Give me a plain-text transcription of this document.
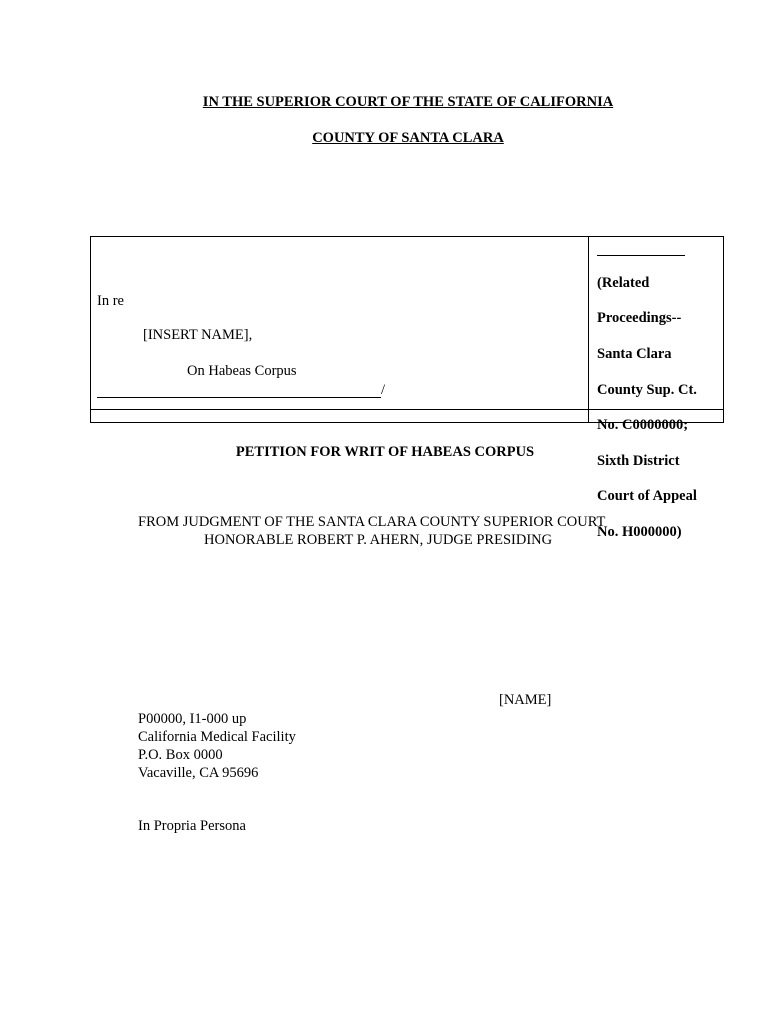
IN THE SUPERIOR COURT OF THE STATE OF CALIFORNIA
COUNTY OF SANTA CLARA
In re
[INSERT NAME],
On Habeas Corpus
/

(Related

Proceedings--

Santa Clara

County Sup. Ct.

No. C0000000;

Sixth District

Court of Appeal

No. H000000)

PETITION FOR WRIT OF HABEAS CORPUS
FROM JUDGMENT OF THE SANTA CLARA COUNTY SUPERIOR COURT
HONORABLE ROBERT P. AHERN, JUDGE PRESIDING
[NAME]
P00000, I1-000 up
California Medical Facility
P.O. Box 0000
Vacaville, CA 95696
In Propria Persona
